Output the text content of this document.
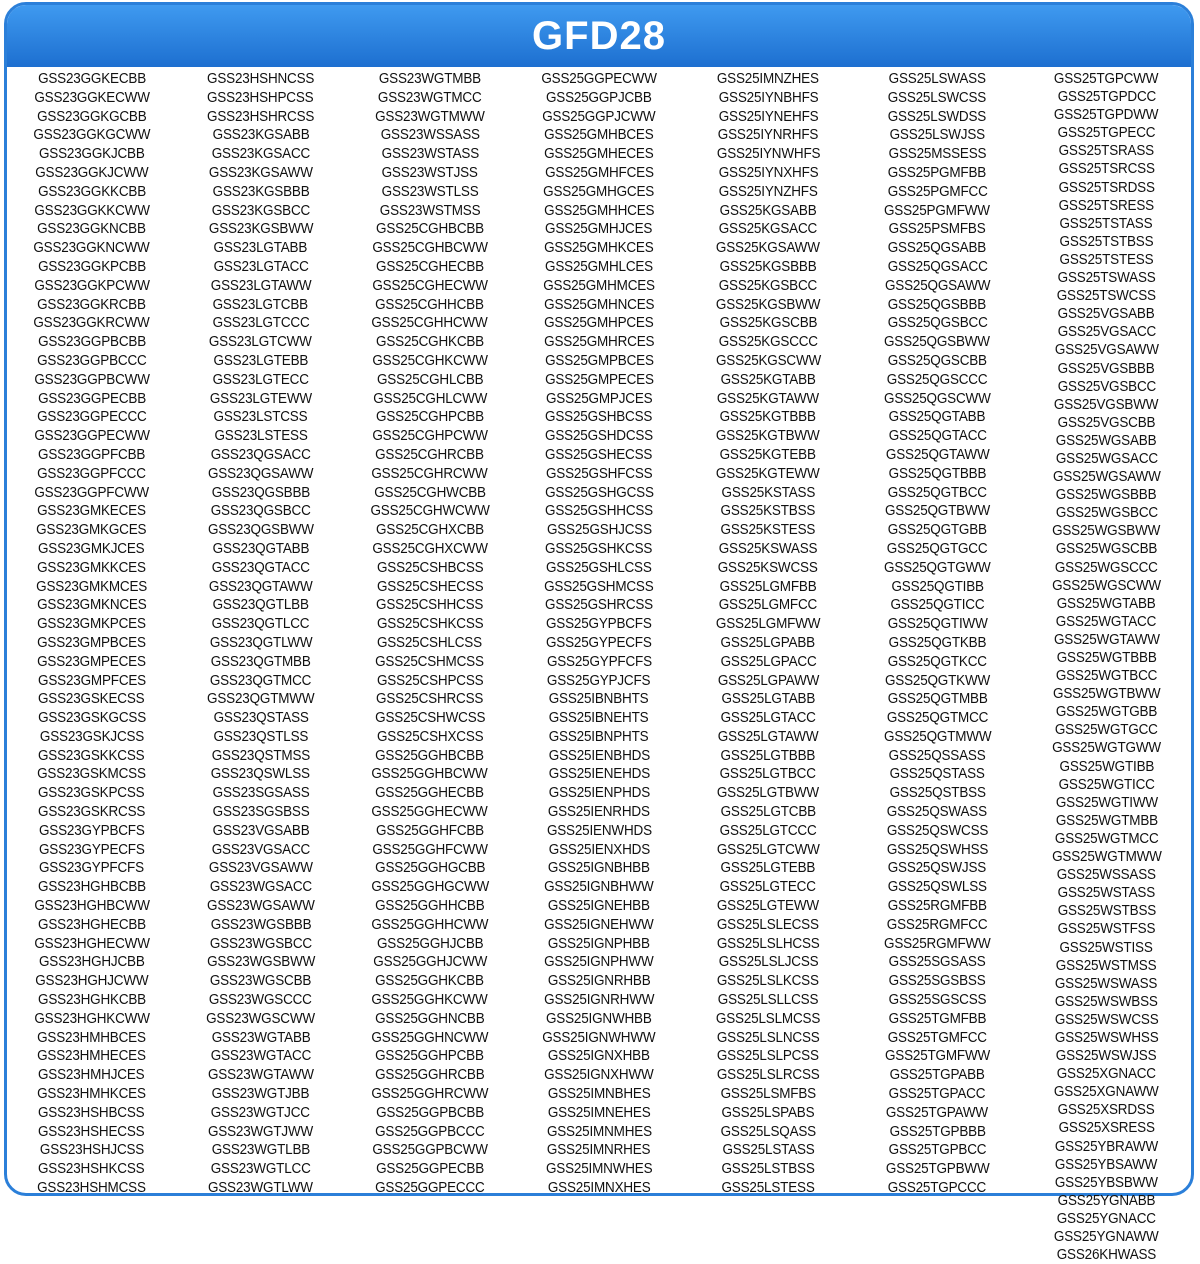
GFD28
GSS23GGKECBB
GSS23GGKECWW
GSS23GGKGCBB
GSS23GGKGCWW
GSS23GGKJCBB
GSS23GGKJCWW
GSS23GGKKCBB
GSS23GGKKCWW
GSS23GGKNCBB
GSS23GGKNCWW
GSS23GGKPCBB
GSS23GGKPCWW
GSS23GGKRCBB
GSS23GGKRCWW
GSS23GGPBCBB
GSS23GGPBCCC
GSS23GGPBCWW
GSS23GGPECBB
GSS23GGPECCC
GSS23GGPECWW
GSS23GGPFCBB
GSS23GGPFCCC
GSS23GGPFCWW
GSS23GMKECES
GSS23GMKGCES
GSS23GMKJCES
GSS23GMKKCES
GSS23GMKMCES
GSS23GMKNCES
GSS23GMKPCES
GSS23GMPBCES
GSS23GMPECES
GSS23GMPFCES
GSS23GSKECSS
GSS23GSKGCSS
GSS23GSKJCSS
GSS23GSKKCSS
GSS23GSKMCSS
GSS23GSKPCSS
GSS23GSKRCSS
GSS23GYPBCFS
GSS23GYPECFS
GSS23GYPFCFS
GSS23HGHBCBB
GSS23HGHBCWW
GSS23HGHECBB
GSS23HGHECWW
GSS23HGHJCBB
GSS23HGHJCWW
GSS23HGHKCBB
GSS23HGHKCWW
GSS23HMHBCES
GSS23HMHECES
GSS23HMHJCES
GSS23HMHKCES
GSS23HSHBCSS
GSS23HSHECSS
GSS23HSHJCSS
GSS23HSHKCSS
GSS23HSHMCSS
GSS23HSHNCSS
GSS23HSHPCSS
GSS23HSHRCSS
GSS23KGSABB
GSS23KGSACC
GSS23KGSAWW
GSS23KGSBBB
GSS23KGSBCC
GSS23KGSBWW
GSS23LGTABB
GSS23LGTACC
GSS23LGTAWW
GSS23LGTCBB
GSS23LGTCCC
GSS23LGTCWW
GSS23LGTEBB
GSS23LGTECC
GSS23LGTEWW
GSS23LSTCSS
GSS23LSTESS
GSS23QGSACC
GSS23QGSAWW
GSS23QGSBBB
GSS23QGSBCC
GSS23QGSBWW
GSS23QGTABB
GSS23QGTACC
GSS23QGTAWW
GSS23QGTLBB
GSS23QGTLCC
GSS23QGTLWW
GSS23QGTMBB
GSS23QGTMCC
GSS23QGTMWW
GSS23QSTASS
GSS23QSTLSS
GSS23QSTMSS
GSS23QSWLSS
GSS23SGSASS
GSS23SGSBSS
GSS23VGSABB
GSS23VGSACC
GSS23VGSAWW
GSS23WGSACC
GSS23WGSAWW
GSS23WGSBBB
GSS23WGSBCC
GSS23WGSBWW
GSS23WGSCBB
GSS23WGSCCC
GSS23WGSCWW
GSS23WGTABB
GSS23WGTACC
GSS23WGTAWW
GSS23WGTJBB
GSS23WGTJCC
GSS23WGTJWW
GSS23WGTLBB
GSS23WGTLCC
GSS23WGTLWW
GSS23WGTMBB
GSS23WGTMCC
GSS23WGTMWW
GSS23WSSASS
GSS23WSTASS
GSS23WSTJSS
GSS23WSTLSS
GSS23WSTMSS
GSS25CGHBCBB
GSS25CGHBCWW
GSS25CGHECBB
GSS25CGHECWW
GSS25CGHHCBB
GSS25CGHHCWW
GSS25CGHKCBB
GSS25CGHKCWW
GSS25CGHLCBB
GSS25CGHLCWW
GSS25CGHPCBB
GSS25CGHPCWW
GSS25CGHRCBB
GSS25CGHRCWW
GSS25CGHWCBB
GSS25CGHWCWW
GSS25CGHXCBB
GSS25CGHXCWW
GSS25CSHBCSS
GSS25CSHECSS
GSS25CSHHCSS
GSS25CSHKCSS
GSS25CSHLCSS
GSS25CSHMCSS
GSS25CSHPCSS
GSS25CSHRCSS
GSS25CSHWCSS
GSS25CSHXCSS
GSS25GGHBCBB
GSS25GGHBCWW
GSS25GGHECBB
GSS25GGHECWW
GSS25GGHFCBB
GSS25GGHFCWW
GSS25GGHGCBB
GSS25GGHGCWW
GSS25GGHHCBB
GSS25GGHHCWW
GSS25GGHJCBB
GSS25GGHJCWW
GSS25GGHKCBB
GSS25GGHKCWW
GSS25GGHNCBB
GSS25GGHNCWW
GSS25GGHPCBB
GSS25GGHRCBB
GSS25GGHRCWW
GSS25GGPBCBB
GSS25GGPBCCC
GSS25GGPBCWW
GSS25GGPECBB
GSS25GGPECCC
GSS25GGPECWW
GSS25GGPJCBB
GSS25GGPJCWW
GSS25GMHBCES
GSS25GMHECES
GSS25GMHFCES
GSS25GMHGCES
GSS25GMHHCES
GSS25GMHJCES
GSS25GMHKCES
GSS25GMHLCES
GSS25GMHMCES
GSS25GMHNCES
GSS25GMHPCES
GSS25GMHRCES
GSS25GMPBCES
GSS25GMPECES
GSS25GMPJCES
GSS25GSHBCSS
GSS25GSHDCSS
GSS25GSHECSS
GSS25GSHFCSS
GSS25GSHGCSS
GSS25GSHHCSS
GSS25GSHJCSS
GSS25GSHKCSS
GSS25GSHLCSS
GSS25GSHMCSS
GSS25GSHRCSS
GSS25GYPBCFS
GSS25GYPECFS
GSS25GYPFCFS
GSS25GYPJCFS
GSS25IBNBHTS
GSS25IBNEHTS
GSS25IBNPHTS
GSS25IENBHDS
GSS25IENEHDS
GSS25IENPHDS
GSS25IENRHDS
GSS25IENWHDS
GSS25IENXHDS
GSS25IGNBHBB
GSS25IGNBHWW
GSS25IGNEHBB
GSS25IGNEHWW
GSS25IGNPHBB
GSS25IGNPHWW
GSS25IGNRHBB
GSS25IGNRHWW
GSS25IGNWHBB
GSS25IGNWHWW
GSS25IGNXHBB
GSS25IGNXHWW
GSS25IMNBHES
GSS25IMNEHES
GSS25IMNMHES
GSS25IMNRHES
GSS25IMNWHES
GSS25IMNXHES
GSS25IMNZHES
GSS25IYNBHFS
GSS25IYNEHFS
GSS25IYNRHFS
GSS25IYNWHFS
GSS25IYNXHFS
GSS25IYNZHFS
GSS25KGSABB
GSS25KGSACC
GSS25KGSAWW
GSS25KGSBBB
GSS25KGSBCC
GSS25KGSBWW
GSS25KGSCBB
GSS25KGSCCC
GSS25KGSCWW
GSS25KGTABB
GSS25KGTAWW
GSS25KGTBBB
GSS25KGTBWW
GSS25KGTEBB
GSS25KGTEWW
GSS25KSTASS
GSS25KSTBSS
GSS25KSTESS
GSS25KSWASS
GSS25KSWCSS
GSS25LGMFBB
GSS25LGMFCC
GSS25LGMFWW
GSS25LGPABB
GSS25LGPACC
GSS25LGPAWW
GSS25LGTABB
GSS25LGTACC
GSS25LGTAWW
GSS25LGTBBB
GSS25LGTBCC
GSS25LGTBWW
GSS25LGTCBB
GSS25LGTCCC
GSS25LGTCWW
GSS25LGTEBB
GSS25LGTECC
GSS25LGTEWW
GSS25LSLECSS
GSS25LSLHCSS
GSS25LSLJCSS
GSS25LSLKCSS
GSS25LSLLCSS
GSS25LSLMCSS
GSS25LSLNCSS
GSS25LSLPCSS
GSS25LSLRCSS
GSS25LSMFBS
GSS25LSPABS
GSS25LSQASS
GSS25LSTASS
GSS25LSTBSS
GSS25LSTESS
GSS25LSWASS
GSS25LSWCSS
GSS25LSWDSS
GSS25LSWJSS
GSS25MSSESS
GSS25PGMFBB
GSS25PGMFCC
GSS25PGMFWW
GSS25PSMFBS
GSS25QGSABB
GSS25QGSACC
GSS25QGSAWW
GSS25QGSBBB
GSS25QGSBCC
GSS25QGSBWW
GSS25QGSCBB
GSS25QGSCCC
GSS25QGSCWW
GSS25QGTABB
GSS25QGTACC
GSS25QGTAWW
GSS25QGTBBB
GSS25QGTBCC
GSS25QGTBWW
GSS25QGTGBB
GSS25QGTGCC
GSS25QGTGWW
GSS25QGTIBB
GSS25QGTICC
GSS25QGTIWW
GSS25QGTKBB
GSS25QGTKCC
GSS25QGTKWW
GSS25QGTMBB
GSS25QGTMCC
GSS25QGTMWW
GSS25QSSASS
GSS25QSTASS
GSS25QSTBSS
GSS25QSWASS
GSS25QSWCSS
GSS25QSWHSS
GSS25QSWJSS
GSS25QSWLSS
GSS25RGMFBB
GSS25RGMFCC
GSS25RGMFWW
GSS25SGSASS
GSS25SGSBSS
GSS25SGSCSS
GSS25TGMFBB
GSS25TGMFCC
GSS25TGMFWW
GSS25TGPABB
GSS25TGPACC
GSS25TGPAWW
GSS25TGPBBB
GSS25TGPBCC
GSS25TGPBWW
GSS25TGPCCC
GSS25TGPCWW
GSS25TGPDCC
GSS25TGPDWW
GSS25TGPECC
GSS25TSRASS
GSS25TSRCSS
GSS25TSRDSS
GSS25TSRESS
GSS25TSTASS
GSS25TSTBSS
GSS25TSTESS
GSS25TSWASS
GSS25TSWCSS
GSS25VGSABB
GSS25VGSACC
GSS25VGSAWW
GSS25VGSBBB
GSS25VGSBCC
GSS25VGSBWW
GSS25VGSCBB
GSS25WGSABB
GSS25WGSACC
GSS25WGSAWW
GSS25WGSBBB
GSS25WGSBCC
GSS25WGSBWW
GSS25WGSCBB
GSS25WGSCCC
GSS25WGSCWW
GSS25WGTABB
GSS25WGTACC
GSS25WGTAWW
GSS25WGTBBB
GSS25WGTBCC
GSS25WGTBWW
GSS25WGTGBB
GSS25WGTGCC
GSS25WGTGWW
GSS25WGTIBB
GSS25WGTICC
GSS25WGTIWW
GSS25WGTMBB
GSS25WGTMCC
GSS25WGTMWW
GSS25WSSASS
GSS25WSTASS
GSS25WSTBSS
GSS25WSTFSS
GSS25WSTISS
GSS25WSTMSS
GSS25WSWASS
GSS25WSWBSS
GSS25WSWCSS
GSS25WSWHSS
GSS25WSWJSS
GSS25XGNACC
GSS25XGNAWW
GSS25XSRDSS
GSS25XSRESS
GSS25YBRAWW
GSS25YBSAWW
GSS25YBSBWW
GSS25YGNABB
GSS25YGNACC
GSS25YGNAWW
GSS26KHWASS
